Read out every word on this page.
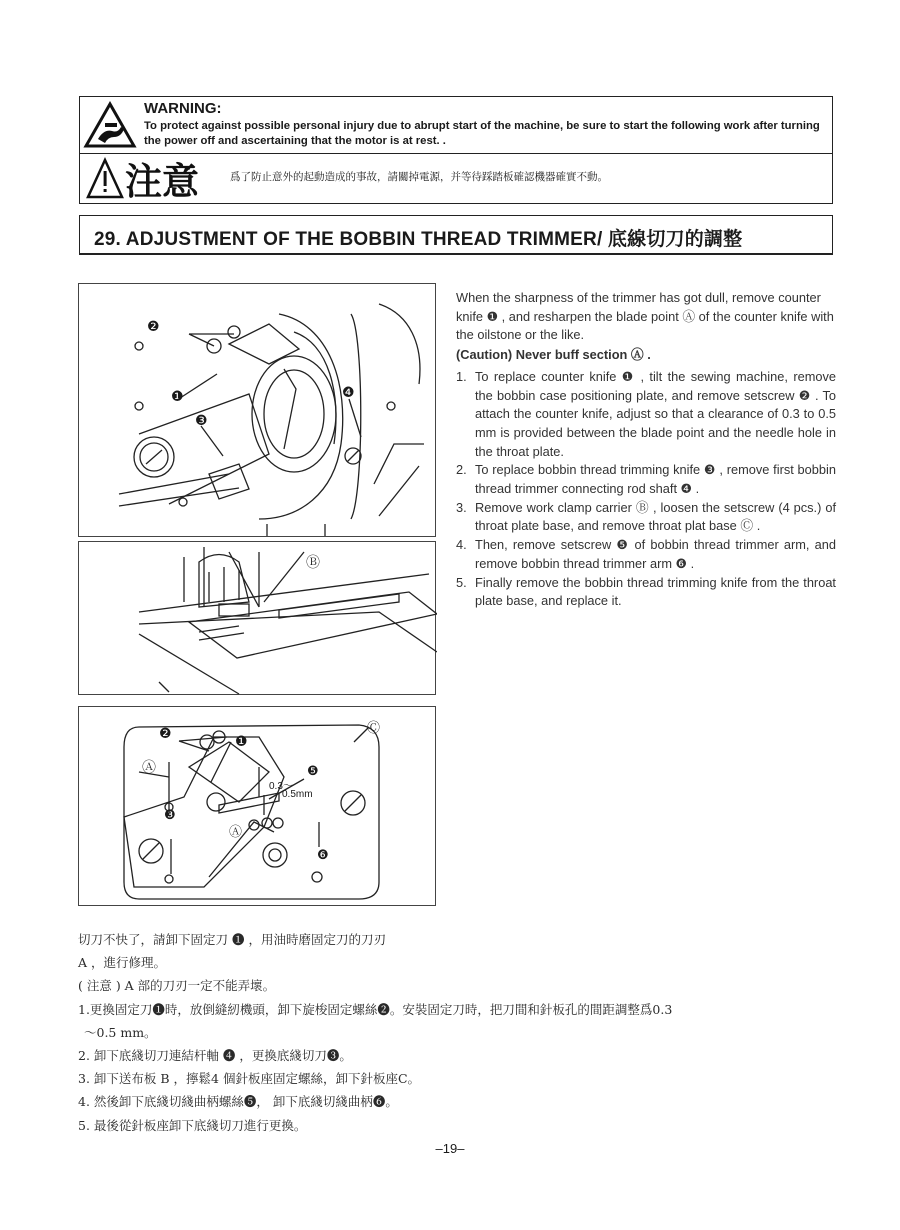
WARNING:
To protect against possible personal injury due to abrupt start of the machine, be sure to start the following work after turning the power off and ascertaining that the motor is at rest. .
注意	爲了防止意外的起動造成的事故，請關掉電源，并等待踩踏板確認機器確實不動。
29. ADJUSTMENT OF THE BOBBIN THREAD TRIMMER/ 底線切刀的調整
❷
❶
❸
❹
Ⓑ
❷	❶
Ⓐ	❺
❸
Ⓐ
❻
Ⓒ
0.3～
0.5mm

When the sharpness of the trimmer has got dull, remove counter knife ❶ , and resharpen the blade point Ⓐ of the counter knife with the oilstone or the like.

(Caution) Never buff section Ⓐ .

1. To replace counter knife ❶ , tilt the sewing machine, remove the bobbin case positioning plate, and remove setscrew ❷ . To attach the counter knife, adjust so that a clearance of 0.3 to 0.5 mm is provided between the blade point and the needle hole in the throat plate.
2. To replace bobbin thread trimming knife ❸ , remove first bobbin thread trimmer connecting rod shaft ❹ .
3. Remove work clamp carrier Ⓑ , loosen the setscrew (4 pcs.) of throat plate base, and remove throat plat base Ⓒ .
4. Then, remove setscrew ❺ of bobbin thread trimmer arm, and remove bobbin thread trimmer arm ❻ .
5. Finally remove the bobbin thread trimming knife from the throat plate base, and replace it.

切刀不快了，請卸下固定刀 ❶ ，用油時磨固定刀的刀刃

A ，進行修理。

( 注意 ) A 部的刀刃一定不能弄壞。

1.更換固定刀❶時，放倒縫紉機頭，卸下旋梭固定螺絲❷。安裝固定刀時，把刀間和針板孔的間距調整爲0.3

～0.5 mm。

2. 卸下底綫切刀連結杆軸 ❹ ，更換底綫切刀❸。

3. 卸下送布板 B ，擰鬆4 個針板座固定螺絲，卸下針板座C。

4. 然後卸下底綫切綫曲柄螺絲❺， 卸下底綫切綫曲柄❻。

5. 最後從針板座卸下底綫切刀進行更換。

–19–
